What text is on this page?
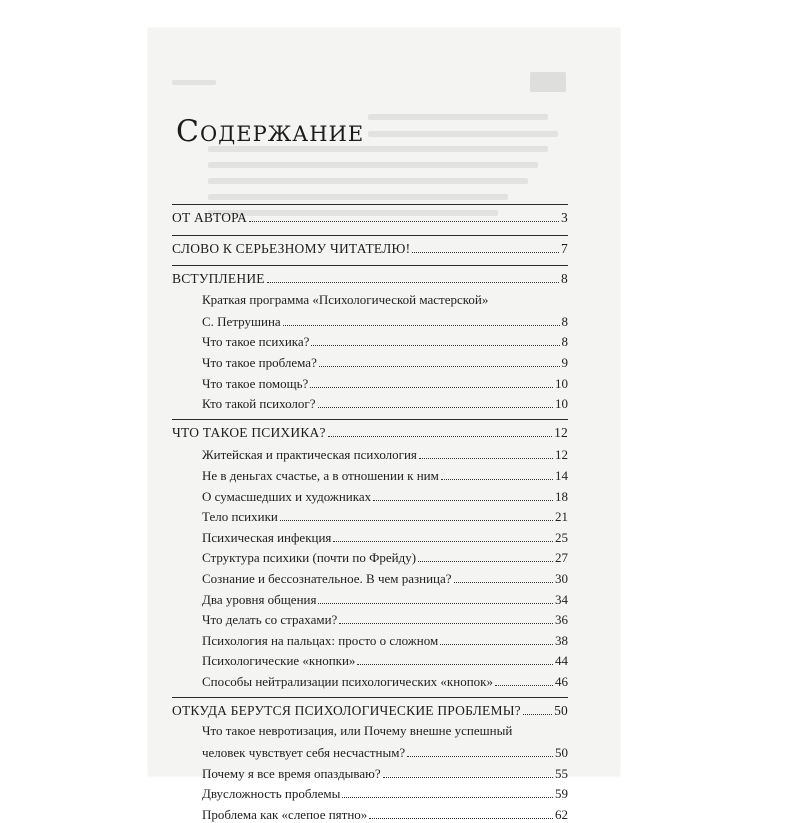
Содержание
ОТ АВТОРА	3
СЛОВО К СЕРЬЕЗНОМУ ЧИТАТЕЛЮ!	7
ВСТУПЛЕНИЕ	8
Краткая программа «Психологической мастерской»
С. Петрушина	8
Что такое психика?	8
Что такое проблема?	9
Что такое помощь?	10
Кто такой психолог?	10
ЧТО ТАКОЕ ПСИХИКА?	12
Житейская и практическая психология	12
Не в деньгах счастье, а в отношении к ним	14
О сумасшедших и художниках	18
Тело психики	21
Психическая инфекция	25
Структура психики (почти по Фрейду)	27
Сознание и бессознательное. В чем разница?	30
Два уровня общения	34
Что делать со страхами?	36
Психология на пальцах: просто о сложном	38
Психологические «кнопки»	44
Способы нейтрализации психологических «кнопок»	46
ОТКУДА БЕРУТСЯ ПСИХОЛОГИЧЕСКИЕ ПРОБЛЕМЫ? 50
Что такое невротизация, или Почему внешне успешный
человек чувствует себя несчастным?	50
Почему я все время опаздываю?	55
Двусложность проблемы	59
Проблема как «слепое пятно»	62
